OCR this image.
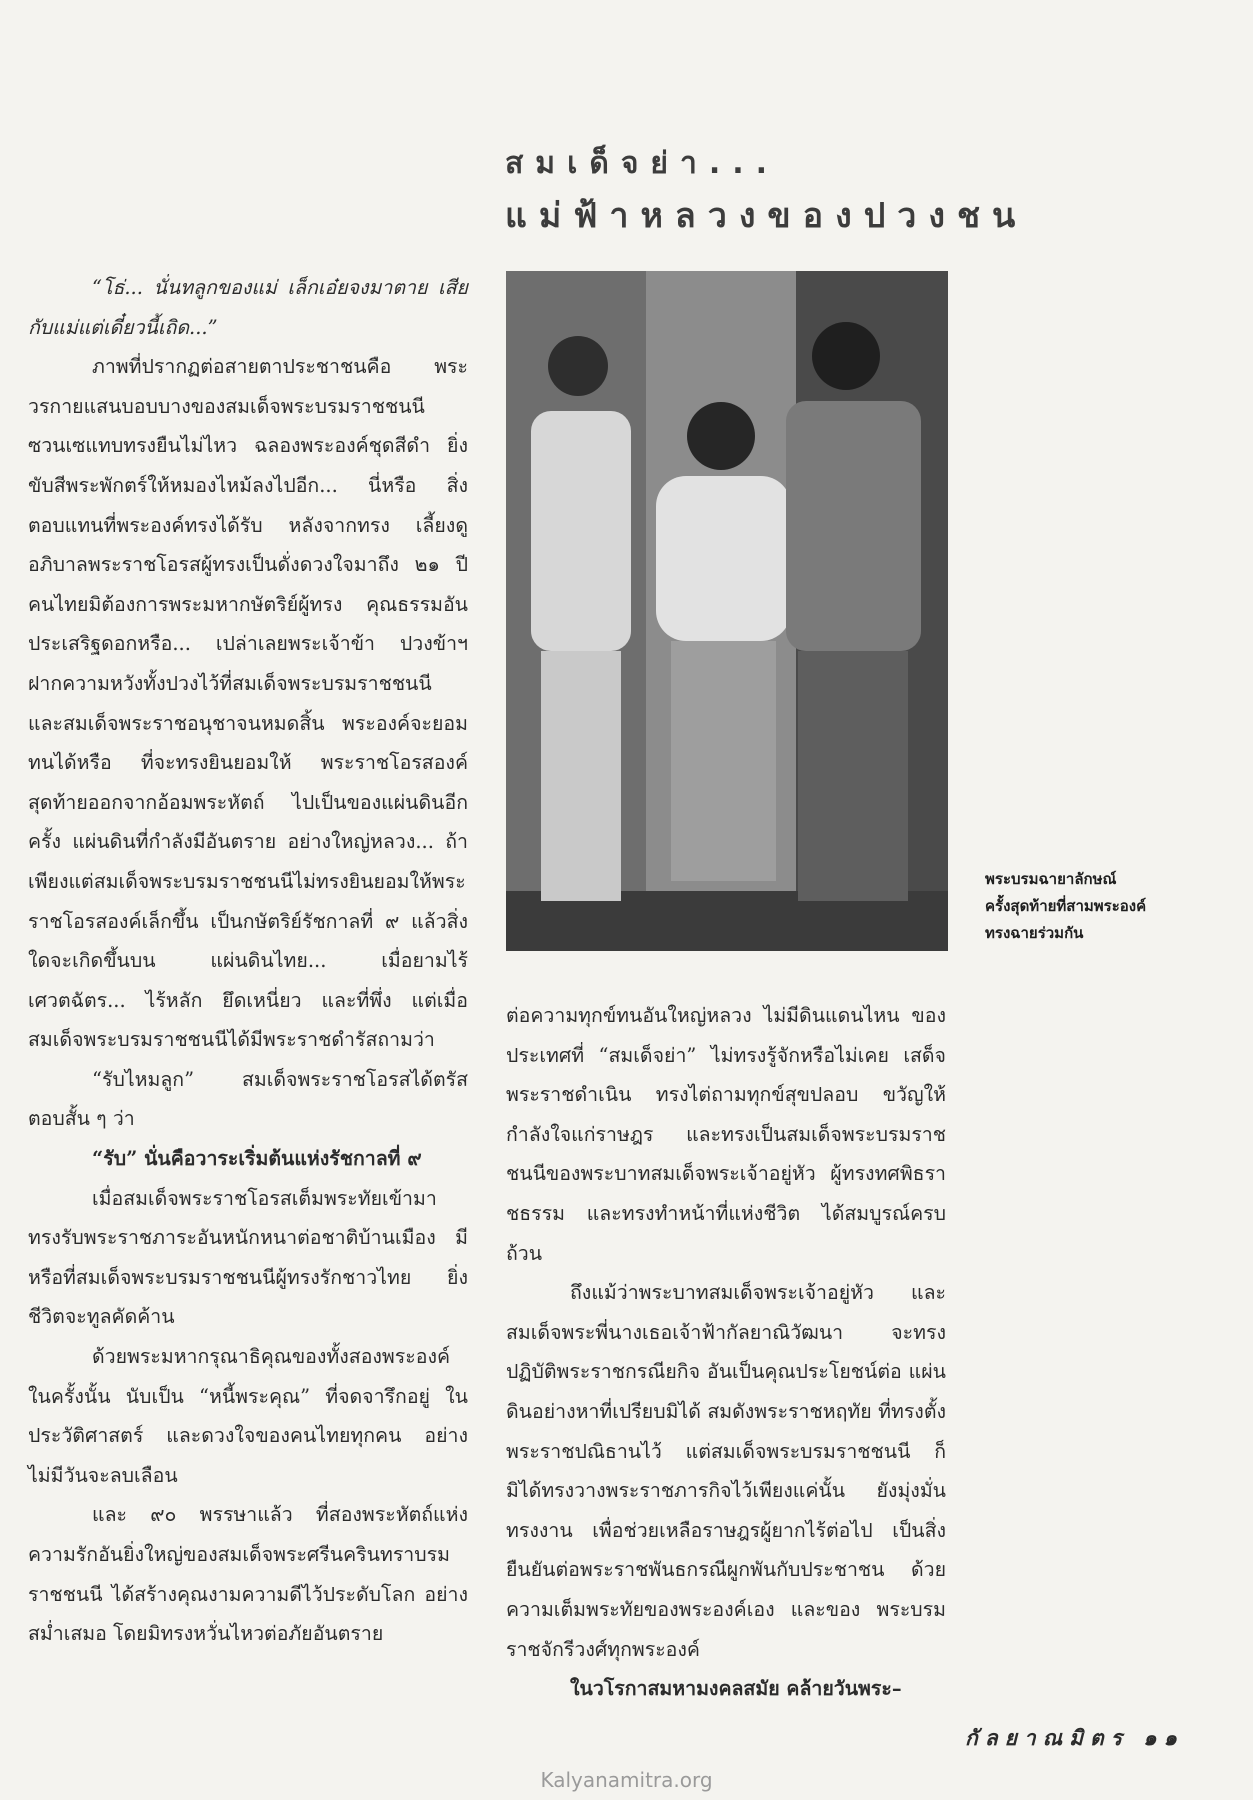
สมเด็จย่า...
แม่ฟ้าหลวงของปวงชน

“โธ่... นั่นทลูกของแม่ เล็กเอ๋ยจงมาตาย เสียกับแม่แต่เดี๋ยวนี้เถิด...”

ภาพที่ปรากฏต่อสายตาประชาชนคือ พระวรกายแสนบอบบางของสมเด็จพระบรมราชชนนี ซวนเซแทบทรงยืนไม่ไหว ฉลองพระองค์ชุดสีดำ ยิ่งขับสีพระพักตร์ให้หมองไหม้ลงไปอีก... นี่หรือ สิ่งตอบแทนที่พระองค์ทรงได้รับ หลังจากทรง เลี้ยงดูอภิบาลพระราชโอรสผู้ทรงเป็นดั่งดวงใจมาถึง ๒๑ ปี คนไทยมิต้องการพระมหากษัตริย์ผู้ทรง คุณธรรมอันประเสริฐดอกหรือ... เปล่าเลยพระเจ้าข้า ปวงข้าฯ ฝากความหวังทั้งปวงไว้ที่สมเด็จพระบรมราชชนนี และสมเด็จพระราชอนุชาจนหมดสิ้น พระองค์จะยอมทนได้หรือ ที่จะทรงยินยอมให้ พระราชโอรสองค์สุดท้ายออกจากอ้อมพระหัตถ์ ไปเป็นของแผ่นดินอีกครั้ง แผ่นดินที่กำลังมีอันตราย อย่างใหญ่หลวง... ถ้าเพียงแต่สมเด็จพระบรมราชชนนีไม่ทรงยินยอมให้พระราชโอรสองค์เล็กขึ้น เป็นกษัตริย์รัชกาลที่ ๙ แล้วสิ่งใดจะเกิดขึ้นบน แผ่นดินไทย... เมื่อยามไร้เศวตฉัตร... ไร้หลัก ยึดเหนี่ยว และที่พึ่ง แต่เมื่อสมเด็จพระบรมราชชนนีได้มีพระราชดำรัสถามว่า

“รับไหมลูก” สมเด็จพระราชโอรสได้ตรัส ตอบสั้น ๆ ว่า

“รับ” นั่นคือวาระเริ่มต้นแห่งรัชกาลที่ ๙

เมื่อสมเด็จพระราชโอรสเต็มพระทัยเข้ามา ทรงรับพระราชภาระอันหนักหนาต่อชาติบ้านเมือง มีหรือที่สมเด็จพระบรมราชชนนีผู้ทรงรักชาวไทย ยิ่งชีวิตจะทูลคัดค้าน

ด้วยพระมหากรุณาธิคุณของทั้งสองพระองค์ ในครั้งนั้น นับเป็น “หนี้พระคุณ” ที่จดจารึกอยู่ ในประวัติศาสตร์ และดวงใจของคนไทยทุกคน อย่างไม่มีวันจะลบเลือน

และ ๙๐ พรรษาแล้ว ที่สองพระหัตถ์แห่ง ความรักอันยิ่งใหญ่ของสมเด็จพระศรีนครินทราบรมราชชนนี ได้สร้างคุณงามความดีไว้ประดับโลก อย่างสม่ำเสมอ โดยมิทรงหวั่นไหวต่อภัยอันตราย

พระบรมฉายาลักษณ์
ครั้งสุดท้ายที่สามพระองค์
ทรงฉายร่วมกัน

ต่อความทุกข์ทนอันใหญ่หลวง ไม่มีดินแดนไหน ของประเทศที่ “สมเด็จย่า” ไม่ทรงรู้จักหรือไม่เคย เสด็จพระราชดำเนิน ทรงไต่ถามทุกข์สุขปลอบ ขวัญให้กำลังใจแก่ราษฎร และทรงเป็นสมเด็จพระบรมราชชนนีของพระบาทสมเด็จพระเจ้าอยู่หัว ผู้ทรงทศพิธราชธรรม และทรงทำหน้าที่แห่งชีวิต ได้สมบูรณ์ครบถ้วน

ถึงแม้ว่าพระบาทสมเด็จพระเจ้าอยู่หัว และ สมเด็จพระพี่นางเธอเจ้าฟ้ากัลยาณิวัฒนา จะทรง ปฏิบัติพระราชกรณียกิจ อันเป็นคุณประโยชน์ต่อ แผ่นดินอย่างหาที่เปรียบมิได้ สมดังพระราชหฤทัย ที่ทรงตั้งพระราชปณิธานไว้ แต่สมเด็จพระบรมราชชนนี ก็มิได้ทรงวางพระราชภารกิจไว้เพียงแค่นั้น ยังมุ่งมั่นทรงงาน เพื่อช่วยเหลือราษฎรผู้ยากไร้ต่อไป เป็นสิ่งยืนยันต่อพระราชพันธกรณีผูกพันกับประชาชน ด้วยความเต็มพระทัยของพระองค์เอง และของ พระบรมราชจักรีวงศ์ทุกพระองค์

ในวโรกาสมหามงคลสมัย คล้ายวันพระ–

กัลยาณมิตร ๑๑
Kalyanamitra.org
